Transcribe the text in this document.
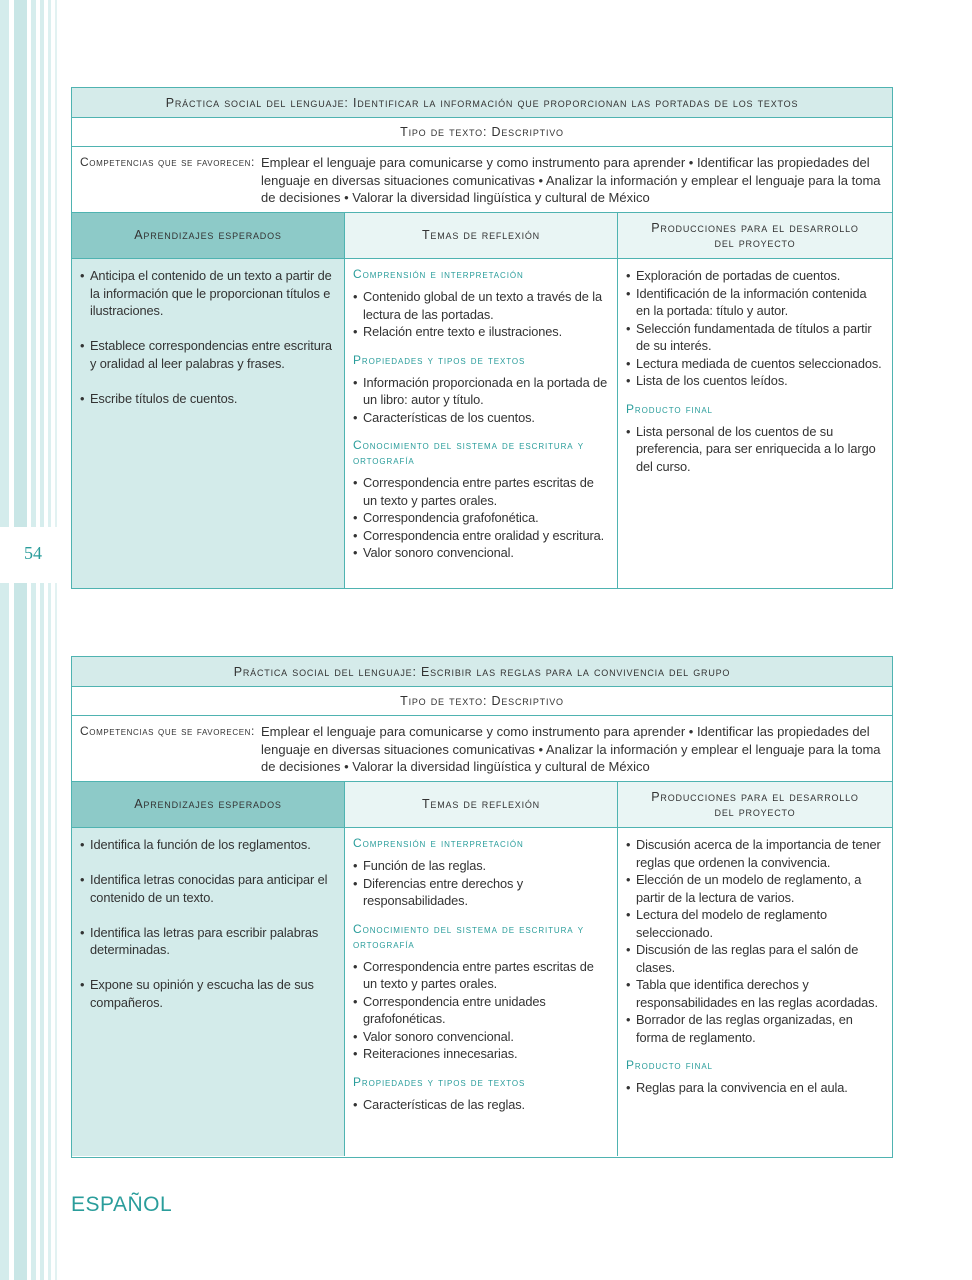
54
Práctica social del lenguaje: Identificar la información que proporcionan las portadas de los textos
Tipo de texto: Descriptivo
Competencias que se favorecen: Emplear el lenguaje para comunicarse y como instrumento para aprender • Identificar las propiedades del lenguaje en diversas situaciones comunicativas • Analizar la información y emplear el lenguaje para la toma de decisiones • Valorar la diversidad lingüística y cultural de México
Aprendizajes esperados	Temas de reflexión
Producciones para el desarrollo del proyecto
• Anticipa el contenido de un texto a partir de la información que le proporcionan títulos e ilustraciones.
• Establece correspondencias entre escritura y oralidad al leer palabras y frases.
• Escribe títulos de cuentos.
Comprensión e interpretación
• Contenido global de un texto a través de la lectura de las portadas.
• Relación entre texto e ilustraciones.
Propiedades y tipos de textos
• Información proporcionada en la portada de un libro: autor y título.
• Características de los cuentos.
Conocimiento del sistema de escritura y ortografía
• Correspondencia entre partes escritas de un texto y partes orales.
• Correspondencia grafofonética.
• Correspondencia entre oralidad y escritura.
• Valor sonoro convencional.
• Exploración de portadas de cuentos.
• Identificación de la información contenida en la portada: título y autor.
• Selección fundamentada de títulos a partir de su interés.
• Lectura mediada de cuentos seleccionados.
• Lista de los cuentos leídos.
Producto final
• Lista personal de los cuentos de su preferencia, para ser enriquecida a lo largo del curso.
Práctica social del lenguaje: Escribir las reglas para la convivencia del grupo
Tipo de texto: Descriptivo
Competencias que se favorecen: Emplear el lenguaje para comunicarse y como instrumento para aprender • Identificar las propiedades del lenguaje en diversas situaciones comunicativas • Analizar la información y emplear el lenguaje para la toma de decisiones • Valorar la diversidad lingüística y cultural de México
Aprendizajes esperados	Temas de reflexión
Producciones para el desarrollo del proyecto
• Identifica la función de los reglamentos.
• Identifica letras conocidas para anticipar el contenido de un texto.
• Identifica las letras para escribir palabras determinadas.
• Expone su opinión y escucha las de sus compañeros.
Comprensión e interpretación
• Función de las reglas.
• Diferencias entre derechos y responsabilidades.
Conocimiento del sistema de escritura y ortografía
• Correspondencia entre partes escritas de un texto y partes orales.
• Correspondencia entre unidades grafofonéticas.
• Valor sonoro convencional.
• Reiteraciones innecesarias.
Propiedades y tipos de textos
• Características de las reglas.
• Discusión acerca de la importancia de tener reglas que ordenen la convivencia.
• Elección de un modelo de reglamento, a partir de la lectura de varios.
• Lectura del modelo de reglamento seleccionado.
• Discusión de las reglas para el salón de clases.
• Tabla que identifica derechos y responsabilidades en las reglas acordadas.
• Borrador de las reglas organizadas, en forma de reglamento.
Producto final
• Reglas para la convivencia en el aula.
ESPAÑOL
